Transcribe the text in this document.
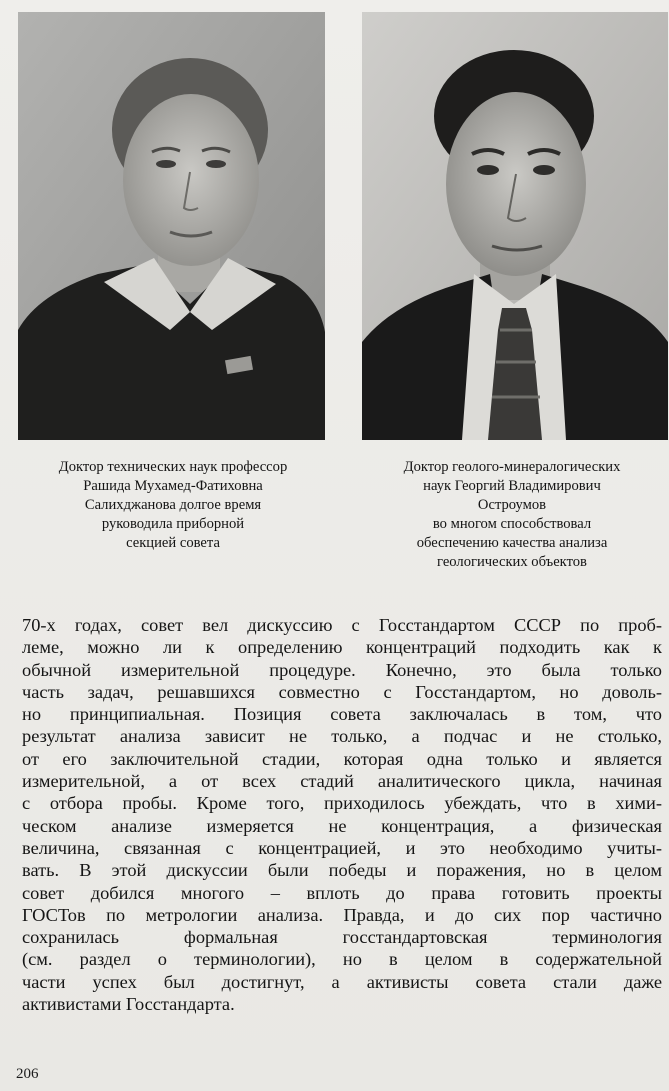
Доктор технических наук профессор
Рашида Мухамед-Фатиховна
Салихджанова долгое время
руководила приборной
секцией совета
Доктор геолого-минералогических
наук Георгий Владимирович
Остроумов
во многом способствовал
обеспечению качества анализа
геологических объектов
70-х годах, совет вел дискуссию с Госстандартом СССР по проб-
леме, можно ли к определению концентраций подходить как к
обычной измерительной процедуре. Конечно, это была только
часть задач, решавшихся совместно с Госстандартом, но доволь-
но принципиальная. Позиция совета заключалась в том, что
результат анализа зависит не только, а подчас и не столько,
от его заключительной стадии, которая одна только и является
измерительной, а от всех стадий аналитического цикла, начиная
с отбора пробы. Кроме того, приходилось убеждать, что в хими-
ческом анализе измеряется не концентрация, а физическая
величина, связанная с концентрацией, и это необходимо учиты-
вать. В этой дискуссии были победы и поражения, но в целом
совет добился многого – вплоть до права готовить проекты
ГОСТов по метрологии анализа. Правда, и до сих пор частично
сохранилась формальная госстандартовская терминология
(см. раздел о терминологии), но в целом в содержательной
части успех был достигнут, а активисты совета стали даже
активистами Госстандарта.
206
